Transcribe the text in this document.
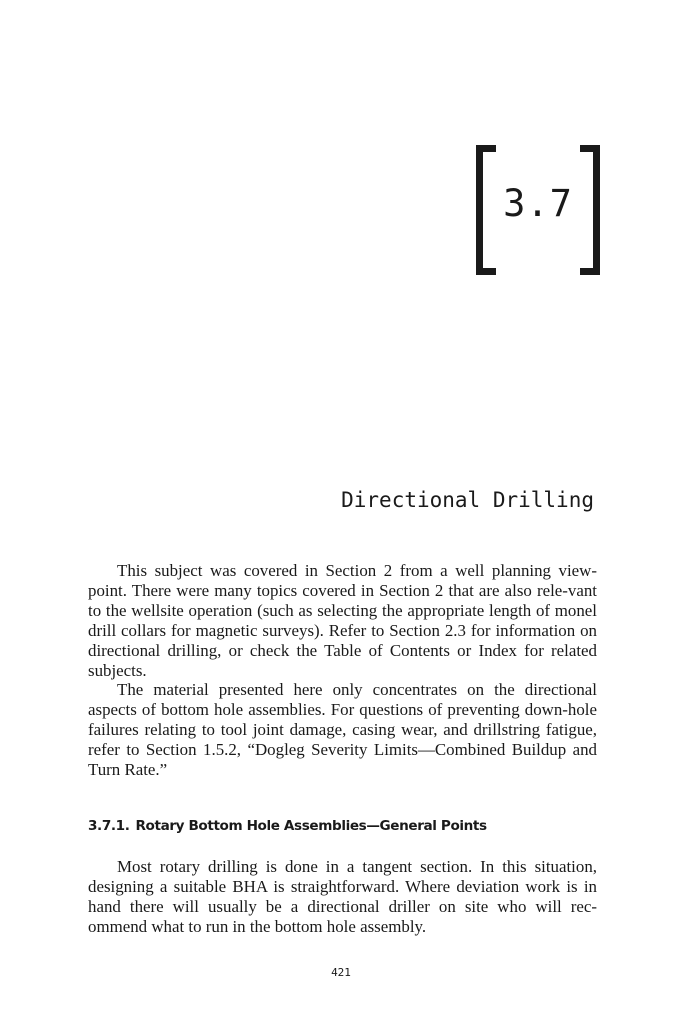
3.7
Directional Drilling

This subject was covered in Section 2 from a well planning view-point. There were many topics covered in Section 2 that are also rele-vant to the wellsite operation (such as selecting the appropriate length of monel drill collars for magnetic surveys). Refer to Section 2.3 for information on directional drilling, or check the Table of Contents or Index for related subjects.

The material presented here only concentrates on the directional aspects of bottom hole assemblies. For questions of preventing down-hole failures relating to tool joint damage, casing wear, and drillstring fatigue, refer to Section 1.5.2, “Dogleg Severity Limits—Combined Buildup and Turn Rate.”

3.7.1. Rotary Bottom Hole Assemblies—General Points

Most rotary drilling is done in a tangent section. In this situation, designing a suitable BHA is straightforward. Where deviation work is in hand there will usually be a directional driller on site who will rec-ommend what to run in the bottom hole assembly.

421
